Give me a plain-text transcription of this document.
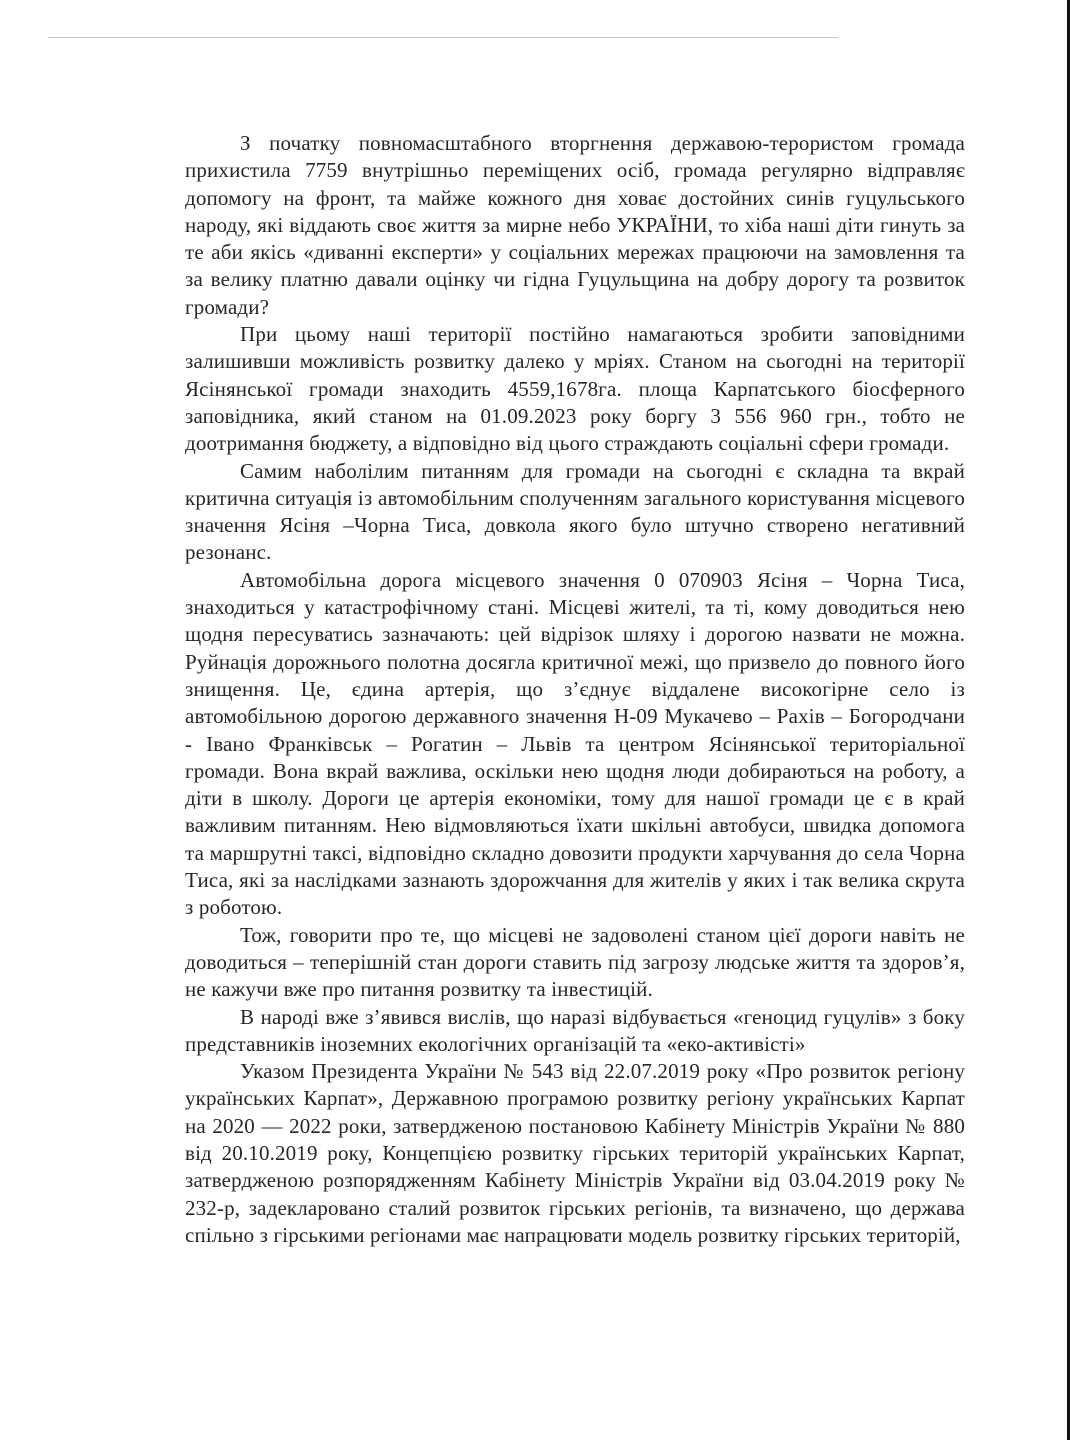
З початку повномасштабного вторгнення державою-терористом громада прихистила 7759 внутрішньо переміщених осіб, громада регулярно відправляє допомогу на фронт, та майже кожного дня ховає достойних синів гуцульського народу, які віддають своє життя за мирне небо УКРАЇНИ, то хіба наші діти гинуть за те аби якісь «диванні експерти» у соціальних мережах працюючи на замовлення та за велику платню давали оцінку чи гідна Гуцульщина на добру дорогу та розвиток громади?

При цьому наші території постійно намагаються зробити заповідними залишивши можливість розвитку далеко у мріях. Станом на сьогодні на території Ясінянської громади знаходить 4559,1678га. площа Карпатського біосферного заповідника, який станом на 01.09.2023 року боргу 3 556 960 грн., тобто не доотримання бюджету, а відповідно від цього страждають соціальні сфери громади.

Самим наболілим питанням для громади на сьогодні є складна та вкрай критична ситуація із автомобільним сполученням загального користування місцевого значення Ясіня –Чорна Тиса, довкола якого було штучно створено негативний резонанс.

Автомобільна дорога місцевого значення 0 070903 Ясіня – Чорна Тиса, знаходиться у катастрофічному стані. Місцеві жителі, та ті, кому доводиться нею щодня пересуватись зазначають: цей відрізок шляху і дорогою назвати не можна. Руйнація дорожнього полотна досягла критичної межі, що призвело до повного його знищення. Це, єдина артерія, що з’єднує віддалене високогірне село із автомобільною дорогою державного значення Н-09 Мукачево – Рахів – Богородчани - Івано Франківськ – Рогатин – Львів та центром Ясінянської територіальної громади. Вона вкрай важлива, оскільки нею щодня люди добираються на роботу, а діти в школу. Дороги це артерія економіки, тому для нашої громади це є в край важливим питанням. Нею відмовляються їхати шкільні автобуси, швидка допомога та маршрутні таксі, відповідно складно довозити продукти харчування до села Чорна Тиса, які за наслідками зазнають здорожчання для жителів у яких і так велика скрута з роботою.

Тож, говорити про те, що місцеві не задоволені станом цієї дороги навіть не доводиться – теперішній стан дороги ставить під загрозу людське життя та здоров’я, не кажучи вже про питання розвитку та інвестицій.

В народі вже з’явився вислів, що наразі відбувається «геноцид гуцулів» з боку представників іноземних екологічних організацій та «еко-активісті»

Указом Президента України № 543 від 22.07.2019 року «Про розвиток регіону українських Карпат», Державною програмою розвитку регіону українських Карпат на 2020 — 2022 роки, затвердженою постановою Кабінету Міністрів України № 880 від 20.10.2019 року, Концепцією розвитку гірських територій українських Карпат, затвердженою розпорядженням Кабінету Міністрів України від 03.04.2019 року № 232-р, задекларовано сталий розвиток гірських регіонів, та визначено, що держава спільно з гірськими регіонами має напрацювати модель розвитку гірських територій,
